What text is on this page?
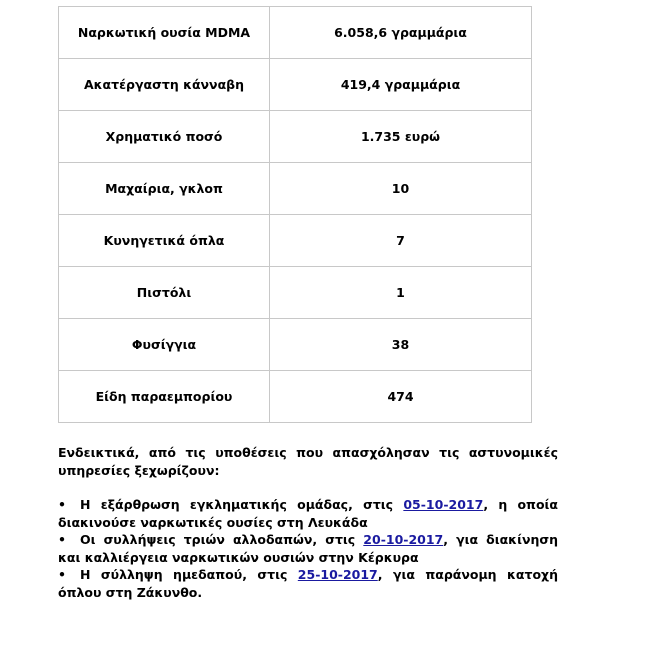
Ναρκωτική ουσία MDMA	6.058,6 γραμμάρια
Ακατέργαστη κάνναβη	419,4 γραμμάρια
Χρηματικό ποσό	1.735 ευρώ
Μαχαίρια, γκλοπ	10
Κυνηγετικά όπλα	7
Πιστόλι	1
Φυσίγγια	38
Είδη παραεμπορίου	474

Ενδεικτικά, από τις υποθέσεις που απασχόλησαν τις αστυνομικές υπηρεσίες ξεχωρίζουν:

• Η εξάρθρωση εγκληματικής ομάδας, στις 05-10-2017, η οποία διακινούσε ναρκωτικές ουσίες στη Λευκάδα
• Οι συλλήψεις τριών αλλοδαπών, στις 20-10-2017, για διακίνηση και καλλιέργεια ναρκωτικών ουσιών στην Κέρκυρα
• Η σύλληψη ημεδαπού, στις 25-10-2017, για παράνομη κατοχή όπλου στη Ζάκυνθο.
